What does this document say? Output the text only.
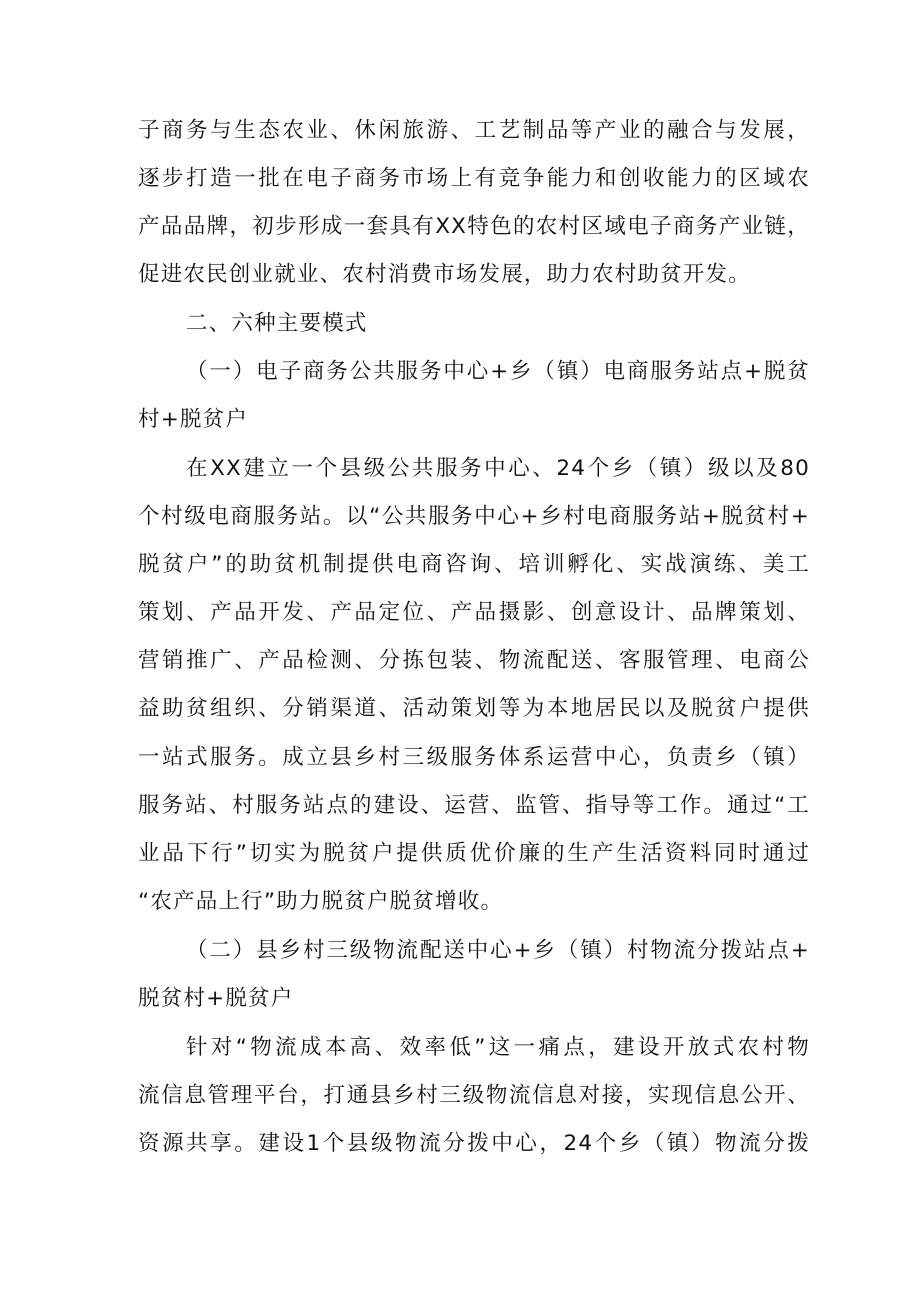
子商务与生态农业、休闲旅游、工艺制品等产业的融合与发展，
逐步打造一批在电子商务市场上有竞争能力和创收能力的区域农
产品品牌，初步形成一套具有XX特色的农村区域电子商务产业链，
促进农民创业就业、农村消费市场发展，助力农村助贫开发。
二、六种主要模式
（一）电子商务公共服务中心+乡（镇）电商服务站点+脱贫
村+脱贫户
在XX建立一个县级公共服务中心、24个乡（镇）级以及80
个村级电商服务站。以“公共服务中心+乡村电商服务站+脱贫村+
脱贫户”的助贫机制提供电商咨询、培训孵化、实战演练、美工
策划、产品开发、产品定位、产品摄影、创意设计、品牌策划、
营销推广、产品检测、分拣包装、物流配送、客服管理、电商公
益助贫组织、分销渠道、活动策划等为本地居民以及脱贫户提供
一站式服务。成立县乡村三级服务体系运营中心，负责乡（镇）
服务站、村服务站点的建设、运营、监管、指导等工作。通过“工
业品下行”切实为脱贫户提供质优价廉的生产生活资料同时通过
“农产品上行”助力脱贫户脱贫增收。
（二）县乡村三级物流配送中心+乡（镇）村物流分拨站点+
脱贫村+脱贫户
针对“物流成本高、效率低”这一痛点，建设开放式农村物
流信息管理平台，打通县乡村三级物流信息对接，实现信息公开、
资源共享。建设1个县级物流分拨中心，24个乡（镇）物流分拨
